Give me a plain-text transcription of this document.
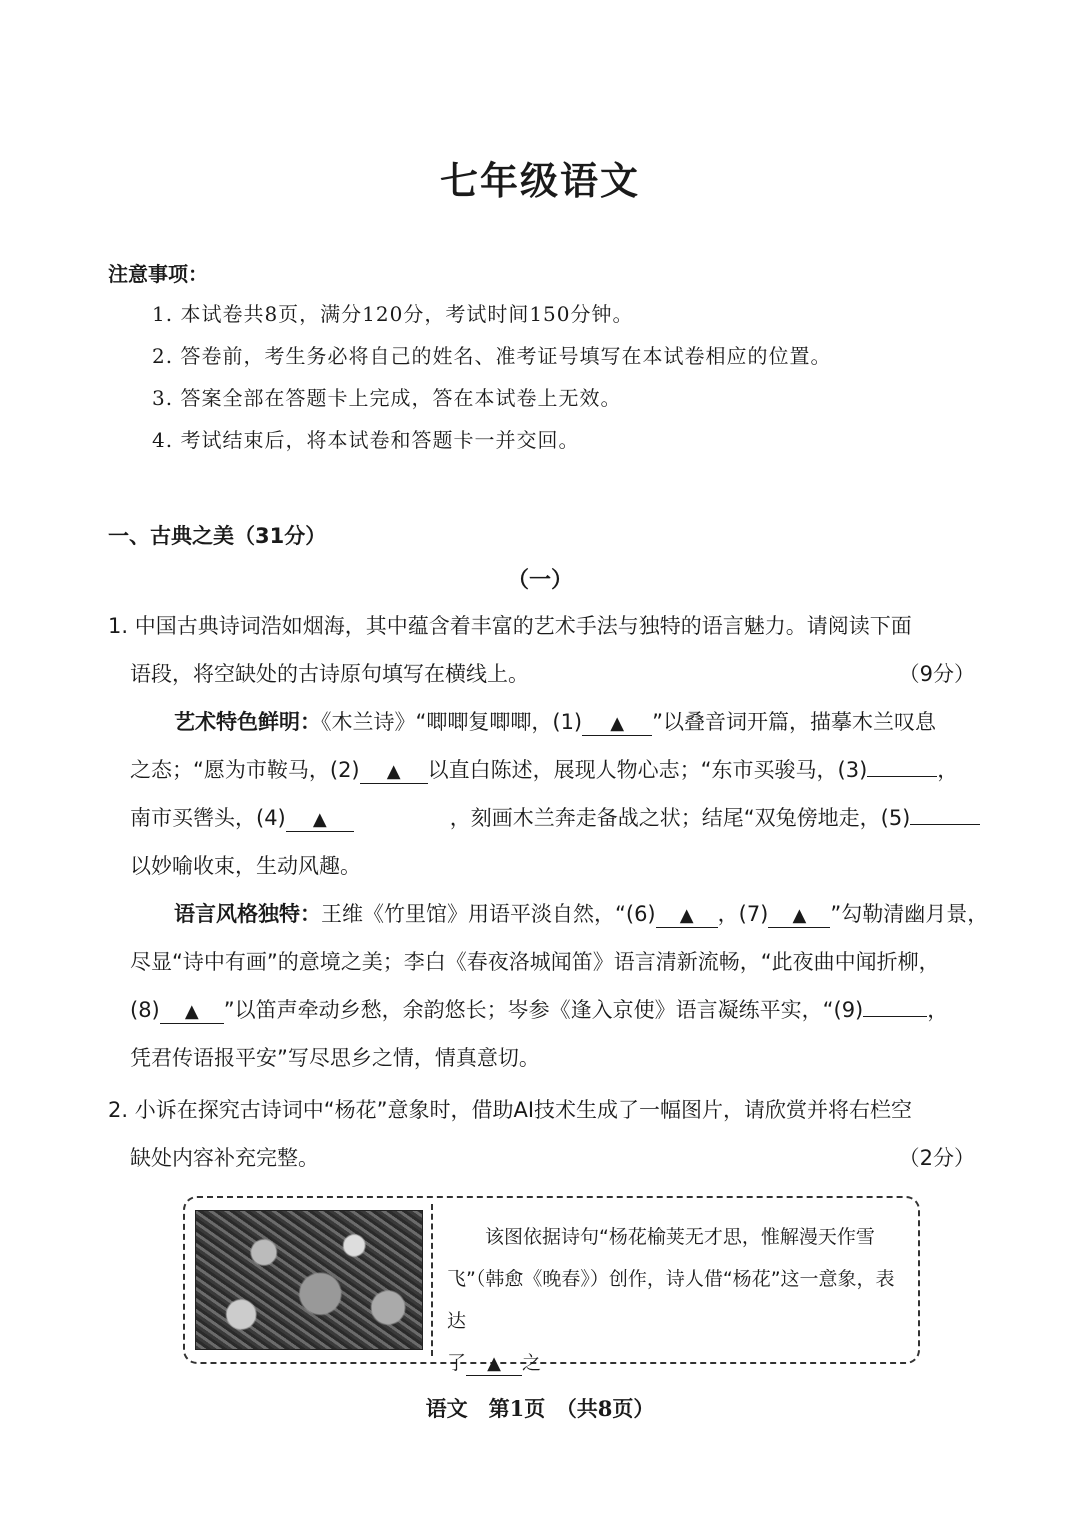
七年级语文
注意事项：
1. 本试卷共8页，满分120分，考试时间150分钟。
2. 答卷前，考生务必将自己的姓名、准考证号填写在本试卷相应的位置。
3. 答案全部在答题卡上完成，答在本试卷上无效。
4. 考试结束后，将本试卷和答题卡一并交回。
一、古典之美（31分）
（一）
1. 中国古典诗词浩如烟海，其中蕴含着丰富的艺术手法与独特的语言魅力。请阅读下面
语段，将空缺处的古诗原句填写在横线上。	（9分）
艺术特色鲜明：《木兰诗》“唧唧复唧唧，(1) ▲ ”以叠音词开篇，描摹木兰叹息
之态；“愿为市鞍马，(2) ▲ 以直白陈述，展现人物心志；“东市买骏马，(3)	，
南市买辔头，(4) ▲	，刻画木兰奔走备战之状；结尾“双兔傍地走，(5)
以妙喻收束，生动风趣。
语言风格独特：王维《竹里馆》用语平淡自然，“(6) ▲ ，(7) ▲ ”勾勒清幽月景，
尽显“诗中有画”的意境之美；李白《春夜洛城闻笛》语言清新流畅，“此夜曲中闻折柳，
(8) ▲ ”以笛声牵动乡愁，余韵悠长；岑参《逢入京使》语言凝练平实，“(9)	，
凭君传语报平安”写尽思乡之情，情真意切。
2. 小诉在探究古诗词中“杨花”意象时，借助AI技术生成了一幅图片，请欣赏并将右栏空
缺处内容补充完整。	（2分）
该图依据诗句“杨花榆荚无才思，惟解漫天作雪
飞”（韩愈《晚春》）创作，诗人借“杨花”这一意象，表达
了 ▲ 之
语文　第1页　（共8页）
